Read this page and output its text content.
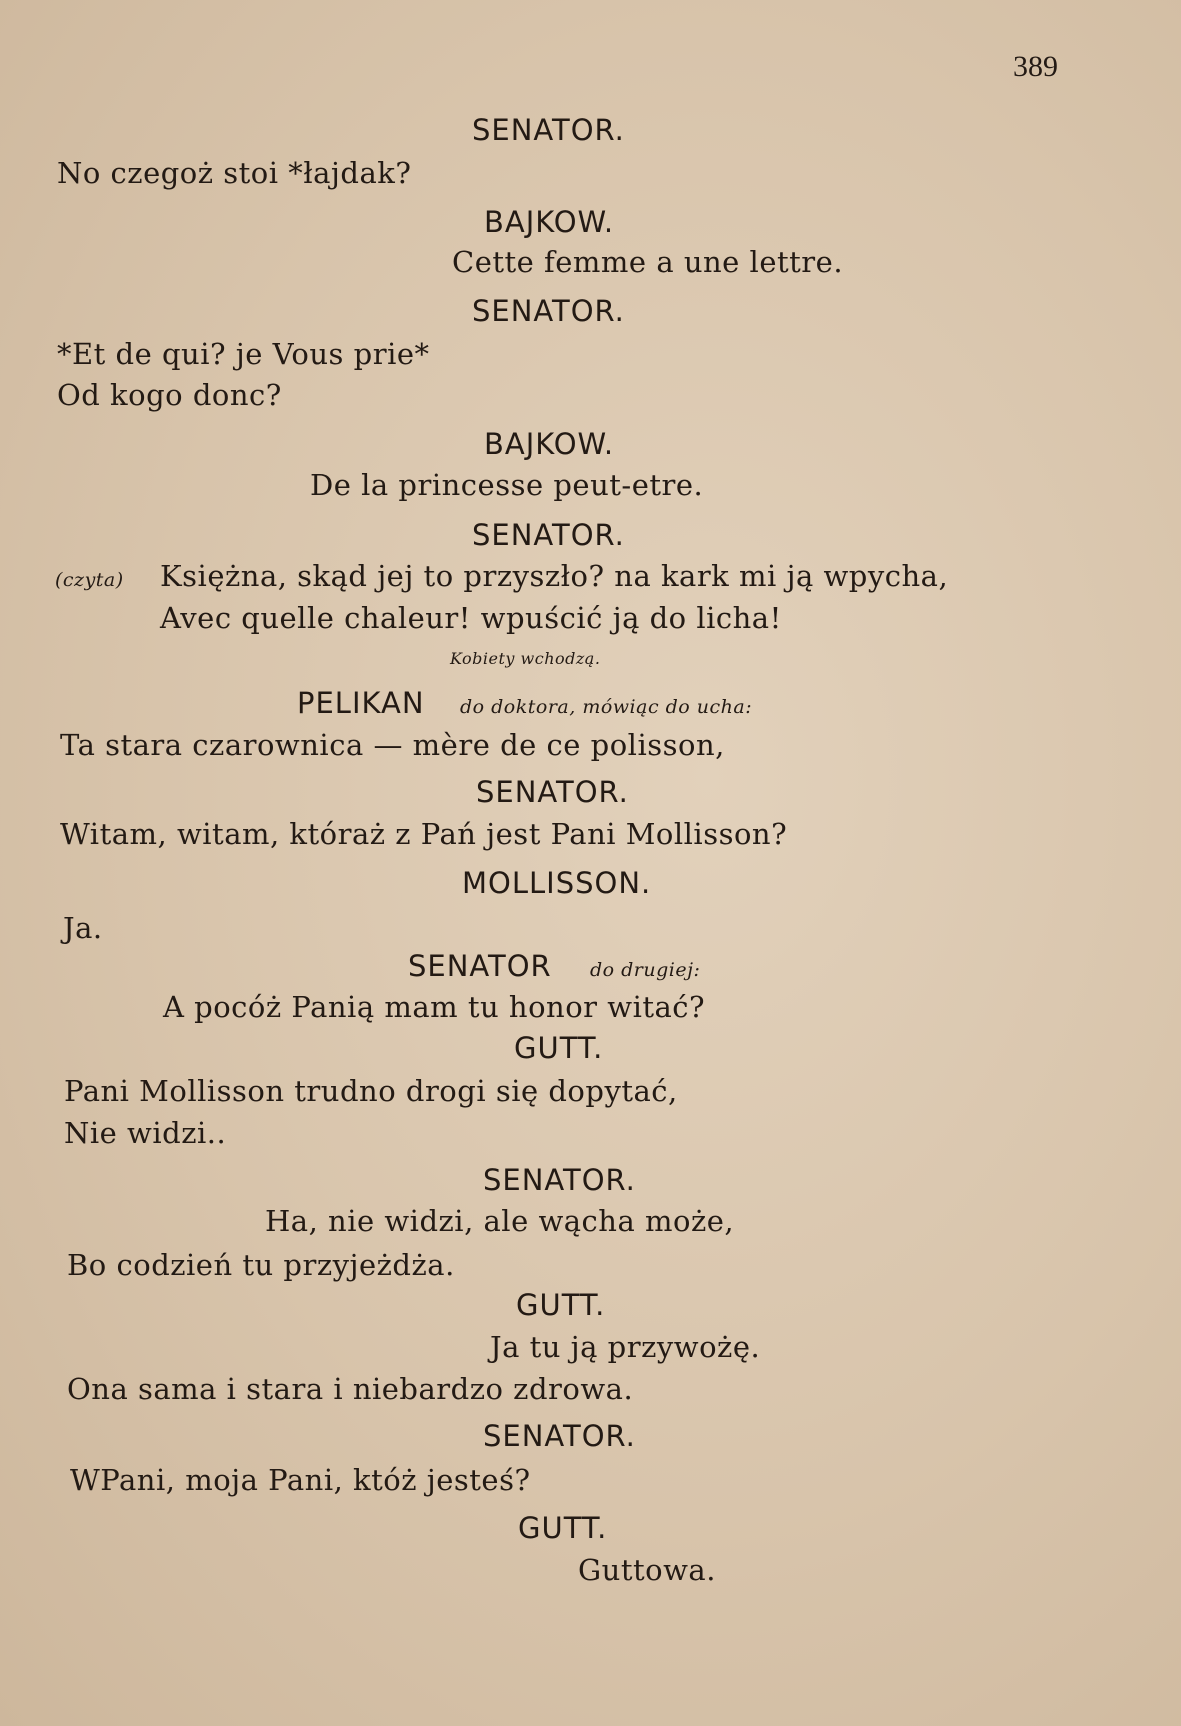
389
SENATOR.
No czegoż stoi *łajdak?
BAJKOW.
Cette femme a une lettre.
SENATOR.
*Et de qui? je Vous prie*
Od kogo donc?
BAJKOW.
De la princesse peut-etre.
SENATOR.
(czyta) Księżna, skąd jej to przyszło? na kark mi ją wpycha,
Avec quelle chaleur! wpuścić ją do licha!
Kobiety wchodzą.
PELIKAN do doktora, mówiąc do ucha:
Ta stara czarownica — mère de ce polisson,
SENATOR.
Witam, witam, któraż z Pań jest Pani Mollisson?
MOLLISSON.
Ja.
SENATOR do drugiej:
A pocóż Panią mam tu honor witać?
GUTT.
Pani Mollisson trudno drogi się dopytać,
Nie widzi..
SENATOR.
Ha, nie widzi, ale wącha może,
Bo codzień tu przyjeżdża.
GUTT.
Ja tu ją przywożę.
Ona sama i stara i niebardzo zdrowa.
SENATOR.
WPani, moja Pani, któż jesteś?
GUTT.
Guttowa.
